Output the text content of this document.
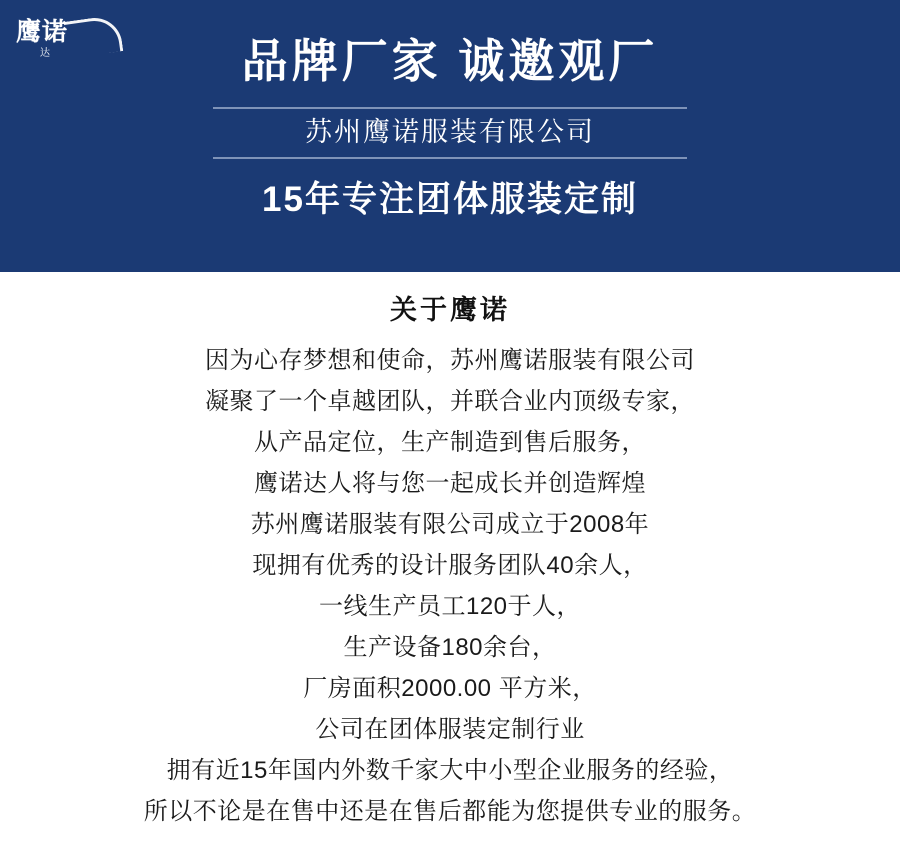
鹰诺
达	品牌厂家 诚邀观厂
苏州鹰诺服装有限公司
15年专注团体服装定制
关于鹰诺
因为心存梦想和使命，苏州鹰诺服装有限公司
凝聚了一个卓越团队，并联合业内顶级专家，
从产品定位，生产制造到售后服务，
鹰诺达人将与您一起成长并创造辉煌
苏州鹰诺服装有限公司成立于2008年
现拥有优秀的设计服务团队40余人，
一线生产员工120于人，
生产设备180余台，
厂房面积2000.00 平方米，
公司在团体服装定制行业
拥有近15年国内外数千家大中小型企业服务的经验，
所以不论是在售中还是在售后都能为您提供专业的服务。
